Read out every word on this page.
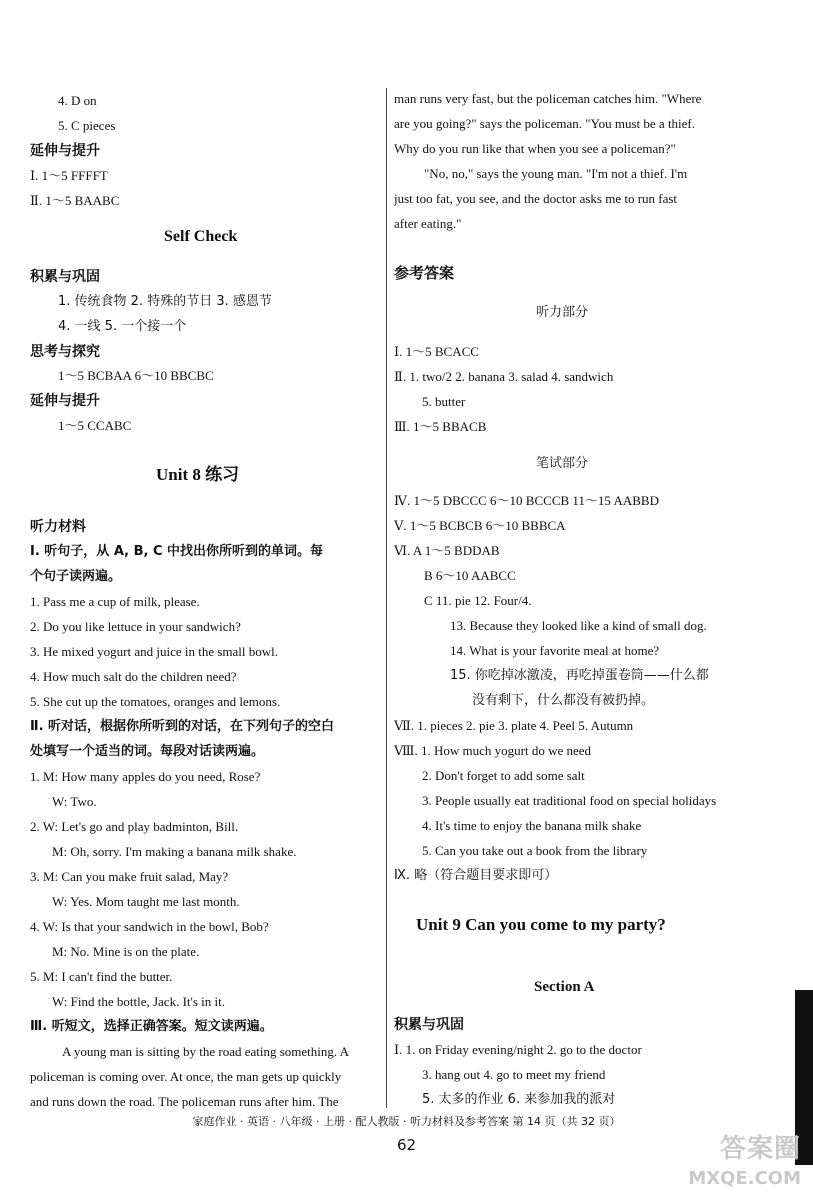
4. D on
5. C pieces
延伸与提升
Ⅰ. 1～5 FFFFT
Ⅱ. 1～5 BAABC
Self Check
积累与巩固
1. 传统食物 2. 特殊的节日 3. 感恩节
4. 一线 5. 一个接一个
思考与探究
1～5 BCBAA 6～10 BBCBC
延伸与提升
1～5 CCABC
Unit 8 练习
听力材料
Ⅰ. 听句子，从 A, B, C 中找出你所听到的单词。每
个句子读两遍。
1. Pass me a cup of milk, please.
2. Do you like lettuce in your sandwich?
3. He mixed yogurt and juice in the small bowl.
4. How much salt do the children need?
5. She cut up the tomatoes, oranges and lemons.
Ⅱ. 听对话，根据你所听到的对话，在下列句子的空白
处填写一个适当的词。每段对话读两遍。
1. M: How many apples do you need, Rose?
W: Two.
2. W: Let's go and play badminton, Bill.
M: Oh, sorry. I'm making a banana milk shake.
3. M: Can you make fruit salad, May?
W: Yes. Mom taught me last month.
4. W: Is that your sandwich in the bowl, Bob?
M: No. Mine is on the plate.
5. M: I can't find the butter.
W: Find the bottle, Jack. It's in it.
Ⅲ. 听短文，选择正确答案。短文读两遍。
A young man is sitting by the road eating something. A
policeman is coming over. At once, the man gets up quickly
and runs down the road. The policeman runs after him. The
man runs very fast, but the policeman catches him. "Where
are you going?" says the policeman. "You must be a thief.
Why do you run like that when you see a policeman?"
"No, no," says the young man. "I'm not a thief. I'm
just too fat, you see, and the doctor asks me to run fast
after eating."
参考答案
听力部分
Ⅰ. 1～5 BCACC
Ⅱ. 1. two/2 2. banana 3. salad 4. sandwich
5. butter
Ⅲ. 1～5 BBACB
笔试部分
Ⅳ. 1～5 DBCCC 6～10 BCCCB 11～15 AABBD
Ⅴ. 1～5 BCBCB 6～10 BBBCA
Ⅵ. A 1～5 BDDAB
B 6～10 AABCC
C 11. pie 12. Four/4.
13. Because they looked like a kind of small dog.
14. What is your favorite meal at home?
15. 你吃掉冰激凌，再吃掉蛋卷筒——什么都
没有剩下，什么都没有被扔掉。
Ⅶ. 1. pieces 2. pie 3. plate 4. Peel 5. Autumn
Ⅷ. 1. How much yogurt do we need
2. Don't forget to add some salt
3. People usually eat traditional food on special holidays
4. It's time to enjoy the banana milk shake
5. Can you take out a book from the library
Ⅸ. 略（符合题目要求即可）
Unit 9 Can you come to my party?
Section A
积累与巩固
Ⅰ. 1. on Friday evening/night 2. go to the doctor
3. hang out 4. go to meet my friend
5. 太多的作业 6. 来参加我的派对
家庭作业 · 英语 · 八年级 · 上册 · 配人教版 · 听力材料及参考答案 第 14 页（共 32 页）
62	答案圈
MXQE.COM
